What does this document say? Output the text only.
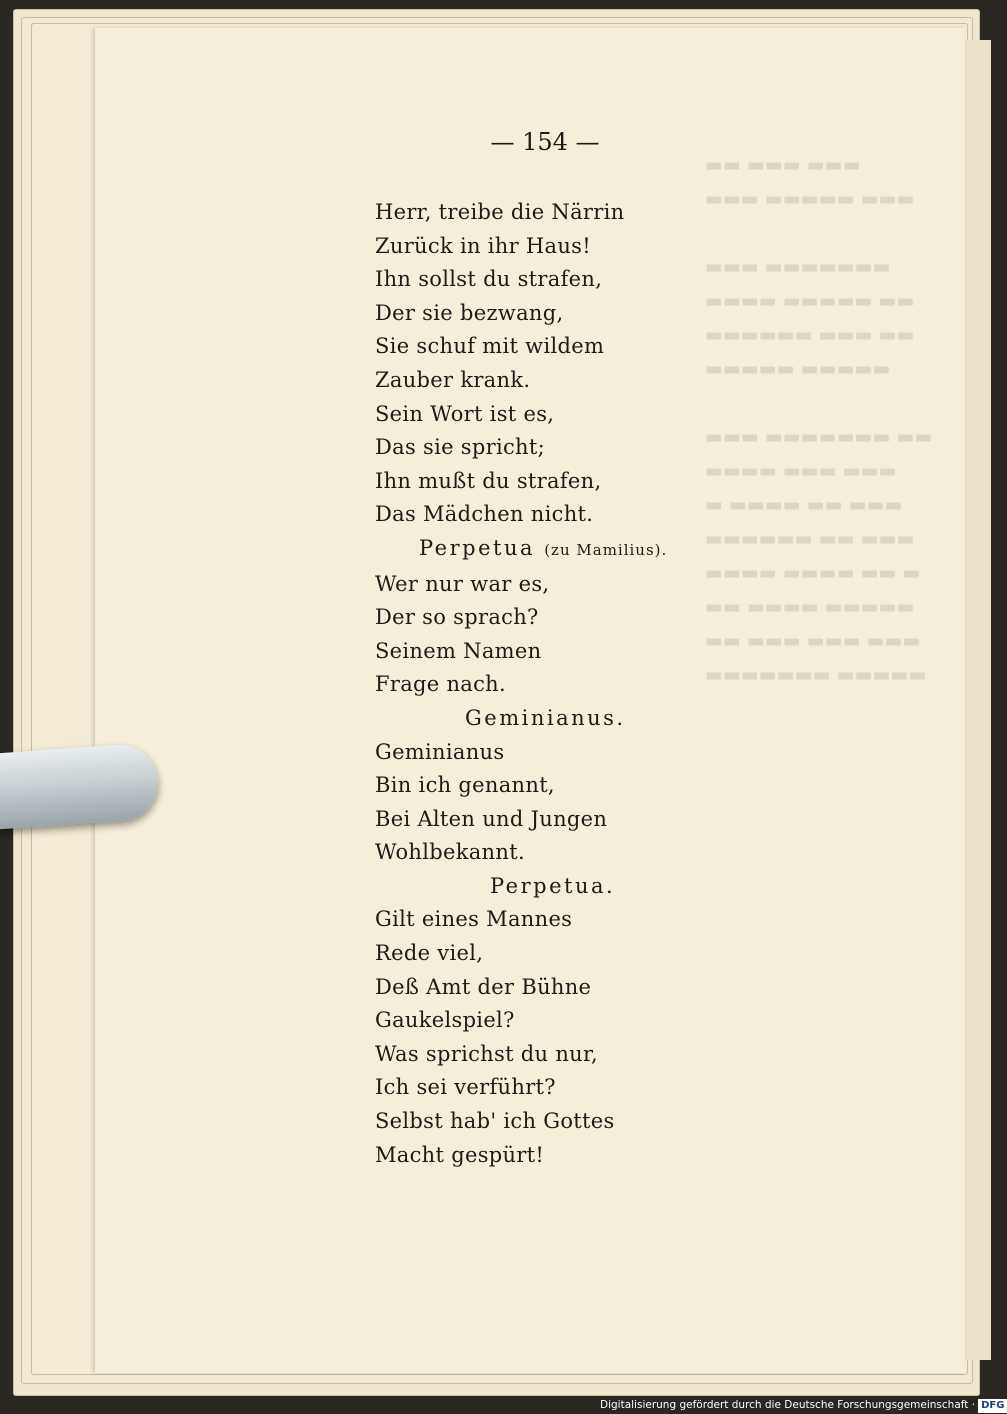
▬▬ ▬▬▬ ▬▬▬
▬▬▬ ▬▬▬▬▬ ▬▬▬

▬▬▬ ▬▬▬▬▬▬▬
▬▬▬▬ ▬▬▬▬▬ ▬▬
▬▬▬▬▬▬ ▬▬▬ ▬▬
▬▬▬▬▬ ▬▬▬▬▬

▬▬▬ ▬▬▬▬▬▬▬ ▬▬
▬▬▬▬ ▬▬▬ ▬▬▬
▬ ▬▬▬▬ ▬▬ ▬▬▬
▬▬▬▬▬▬ ▬▬ ▬▬▬
▬▬▬▬ ▬▬▬▬ ▬▬ ▬
▬▬ ▬▬▬▬ ▬▬▬▬▬
▬▬ ▬▬▬ ▬▬▬ ▬▬▬
▬▬▬▬▬▬▬ ▬▬▬▬▬
— 154 —

Herr, treibe die Närrin

Zurück in ihr Haus!

Ihn sollst du strafen,

Der sie bezwang,

Sie schuf mit wildem

Zauber krank.

Sein Wort ist es,

Das sie spricht;

Ihn mußt du strafen,

Das Mädchen nicht.

Perpetua (zu Mamilius).

Wer nur war es,

Der so sprach?

Seinem Namen

Frage nach.

Geminianus.

Geminianus

Bin ich genannt,

Bei Alten und Jungen

Wohlbekannt.

Perpetua.

Gilt eines Mannes

Rede viel,

Deß Amt der Bühne

Gaukelspiel?

Was sprichst du nur,

Ich sei verführt?

Selbst hab' ich Gottes

Macht gespürt!

Digitalisierung gefördert durch die Deutsche Forschungsgemeinschaft · DFG
